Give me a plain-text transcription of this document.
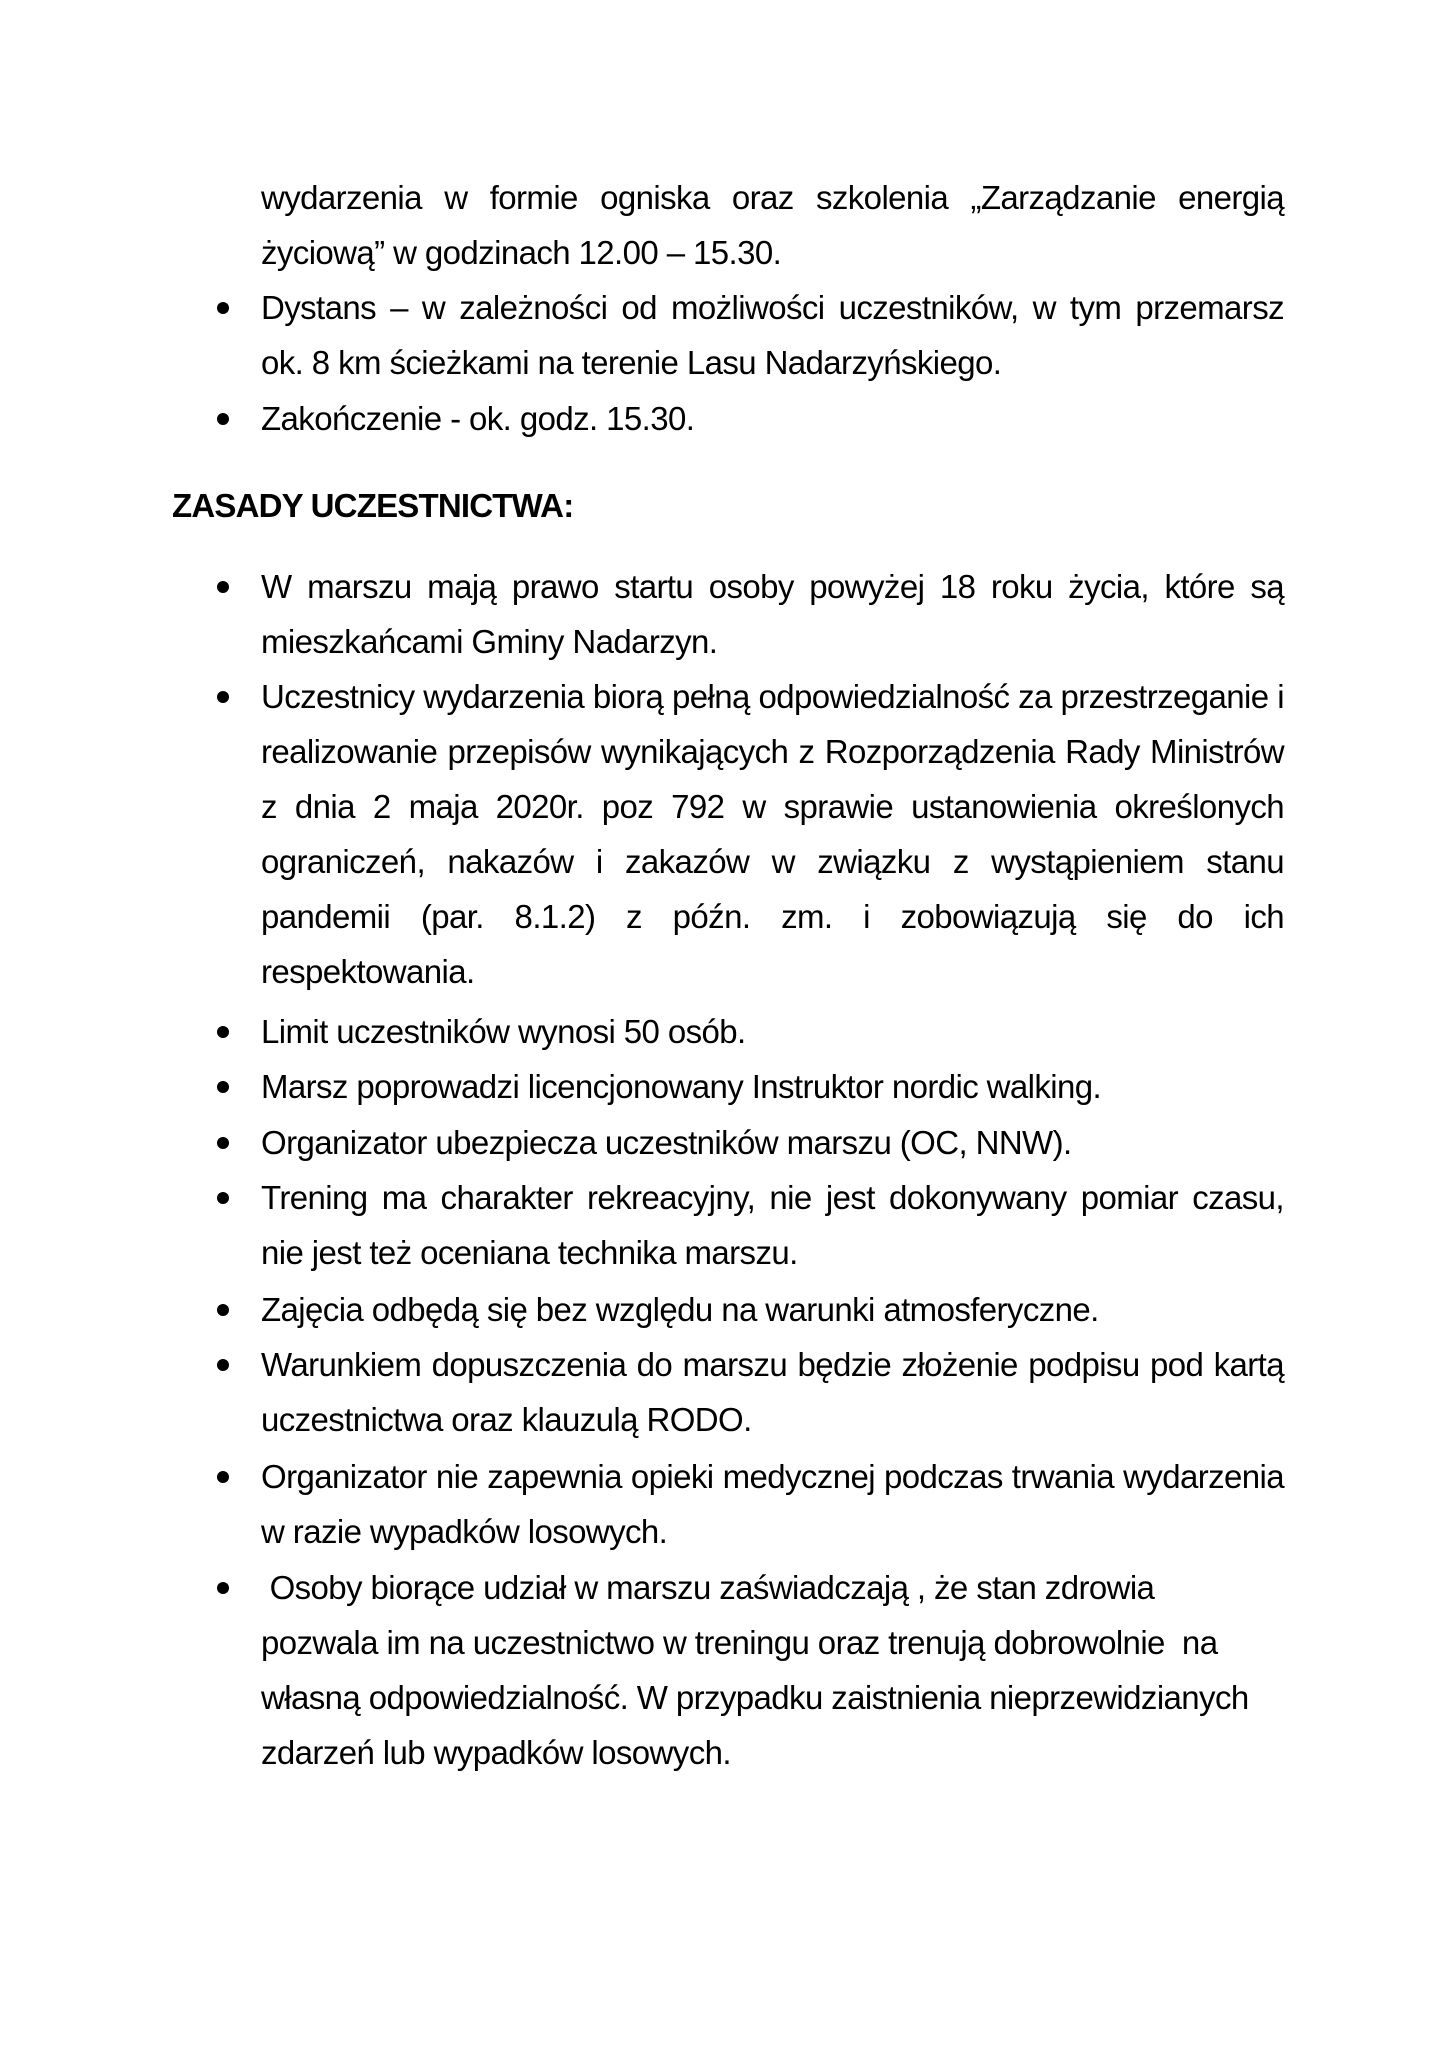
wydarzenia w formie ogniska oraz szkolenia „Zarządzanie energią życiową” w godzinach 12.00 – 15.30.
Dystans – w zależności od możliwości uczestników, w tym przemarsz ok. 8 km ścieżkami na terenie Lasu Nadarzyńskiego.
Zakończenie - ok. godz. 15.30.
ZASADY UCZESTNICTWA:
W marszu mają prawo startu osoby powyżej 18 roku życia, które są mieszkańcami Gminy Nadarzyn.
Uczestnicy wydarzenia biorą pełną odpowiedzialność za przestrzeganie i realizowanie przepisów wynikających z Rozporządzenia Rady Ministrów z dnia 2 maja 2020r. poz 792 w sprawie ustanowienia określonych ograniczeń, nakazów i zakazów w związku z wystąpieniem stanu pandemii (par. 8.1.2) z późn. zm. i zobowiązują się do ich respektowania.
Limit uczestników wynosi 50 osób.
Marsz poprowadzi licencjonowany Instruktor nordic walking.
Organizator ubezpiecza uczestników marszu (OC, NNW).
Trening ma charakter rekreacyjny, nie jest dokonywany pomiar czasu, nie jest też oceniana technika marszu.
Zajęcia odbędą się bez względu na warunki atmosferyczne.
Warunkiem dopuszczenia do marszu będzie złożenie podpisu pod kartą uczestnictwa oraz klauzulą RODO.
Organizator nie zapewnia opieki medycznej podczas trwania wydarzenia w razie wypadków losowych.
Osoby biorące udział w marszu zaświadczają , że stan zdrowia pozwala im na uczestnictwo w treningu oraz trenują dobrowolnie  na własną odpowiedzialność. W przypadku zaistnienia nieprzewidzianych zdarzeń lub wypadków losowych.
